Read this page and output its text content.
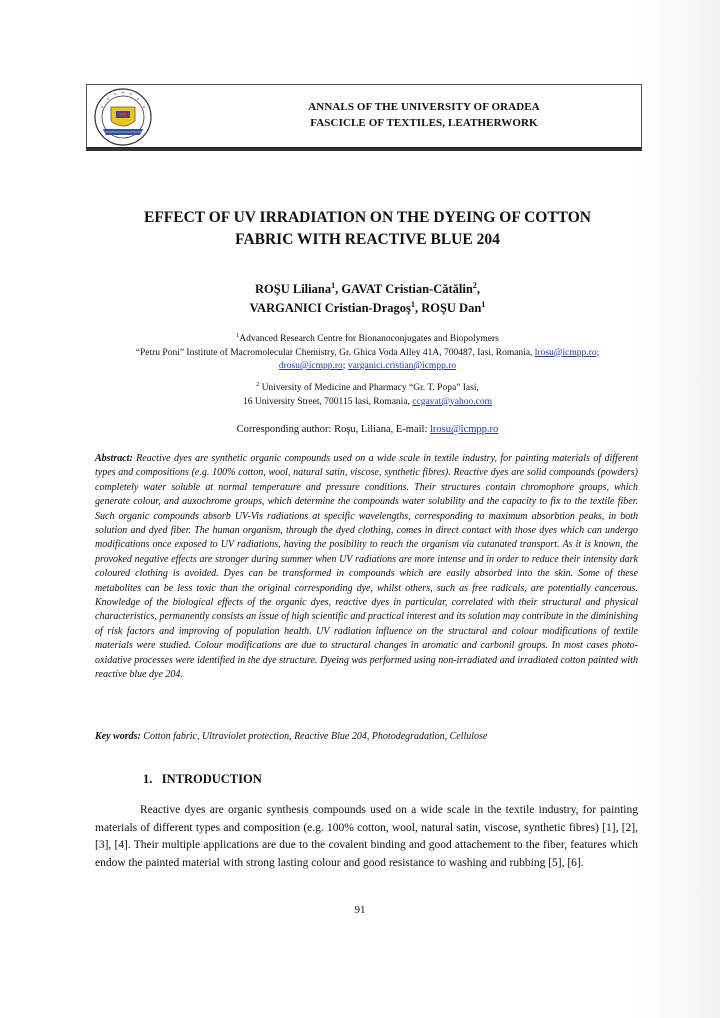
ANNALS OF THE UNIVERSITY OF ORADEA
FASCICLE OF TEXTILES, LEATHERWORK
EFFECT OF UV IRRADIATION ON THE DYEING OF COTTON
FABRIC WITH REACTIVE BLUE 204
ROŞU Liliana$^1$, GAVAT Cristian-Cătălin$^2$,
VARGANICI Cristian-Dragoş$^1$, ROŞU Dan$^1$
$^1$Advanced Research Centre for Bionanoconjugates and Biopolymers
“Petru Poni” Institute of Macromolecular Chemistry, Gr. Ghica Voda Alley 41A, 700487, Iasi, Romania, lrosu@icmpp.ro;
drosu@icmpp.ro; varganici.cristian@icmpp.ro
$^2$ University of Medicine and Pharmacy “Gr. T. Popa” Iasi,
16 University Street, 700115 Iasi, Romania, ccgavat@yahoo.com
Corresponding author: Roşu, Liliana, E-mail: lrosu@icmpp.ro
Abstract: Reactive dyes are synthetic organic compounds used on a wide scale in textile industry, for painting materials of different types and compositions (e.g. 100% cotton, wool, natural satin, viscose, synthetic fibres). Reactive dyes are solid compounds (powders) completely water soluble at normal temperature and pressure conditions. Their structures contain chromophore groups, which generate colour, and auxochrome groups, which determine the compounds water solubility and the capacity to fix to the textile fiber. Such organic compounds absorb UV-Vis radiations at specific wavelengths, corresponding to maximum absorbtion peaks, in both solution and dyed fiber. The human organism, through the dyed clothing, comes in direct contact with those dyes which can undergo modifications once exposed to UV radiations, having the posibility to reach the organism via cutanated transport. As it is known, the provoked negative effects are stronger during summer when UV radiations are more intense and in order to reduce their intensity dark coloured clothing is avoided. Dyes can be transformed in compounds which are easily absorbed into the skin. Some of these metabolites can be less toxic than the original corresponding dye, whilst others, such as free radicals, are potentially cancerous. Knowledge of the biological effects of the organic dyes, reactive dyes in particular, correlated with their structural and physical characteristics, permanently consists an issue of high scientific and practical interest and its solution may contribute in the diminishing of risk factors and improving of population health. UV radiation influence on the structural and colour modifications of textile materials were studied. Colour modifications are due to structural changes in aromatic and carbonil groups. In most cases photo-oxidative processes were identified in the dye structure. Dyeing was performed using non-irradiated and irradiated cotton painted with reactive blue dye 204.
Key words: Cotton fabric, Ultraviolet protection, Reactive Blue 204, Photodegradation, Cellulose
1. INTRODUCTION
Reactive dyes are organic synthesis compounds used on a wide scale in the textile industry, for painting materials of different types and composition (e.g. 100% cotton, wool, natural satin, viscose, synthetic fibres) [1], [2], [3], [4]. Their multiple applications are due to the covalent binding and good attachement to the fiber, features which endow the painted material with strong lasting colour and good resistance to washing and rubbing [5], [6].
91
